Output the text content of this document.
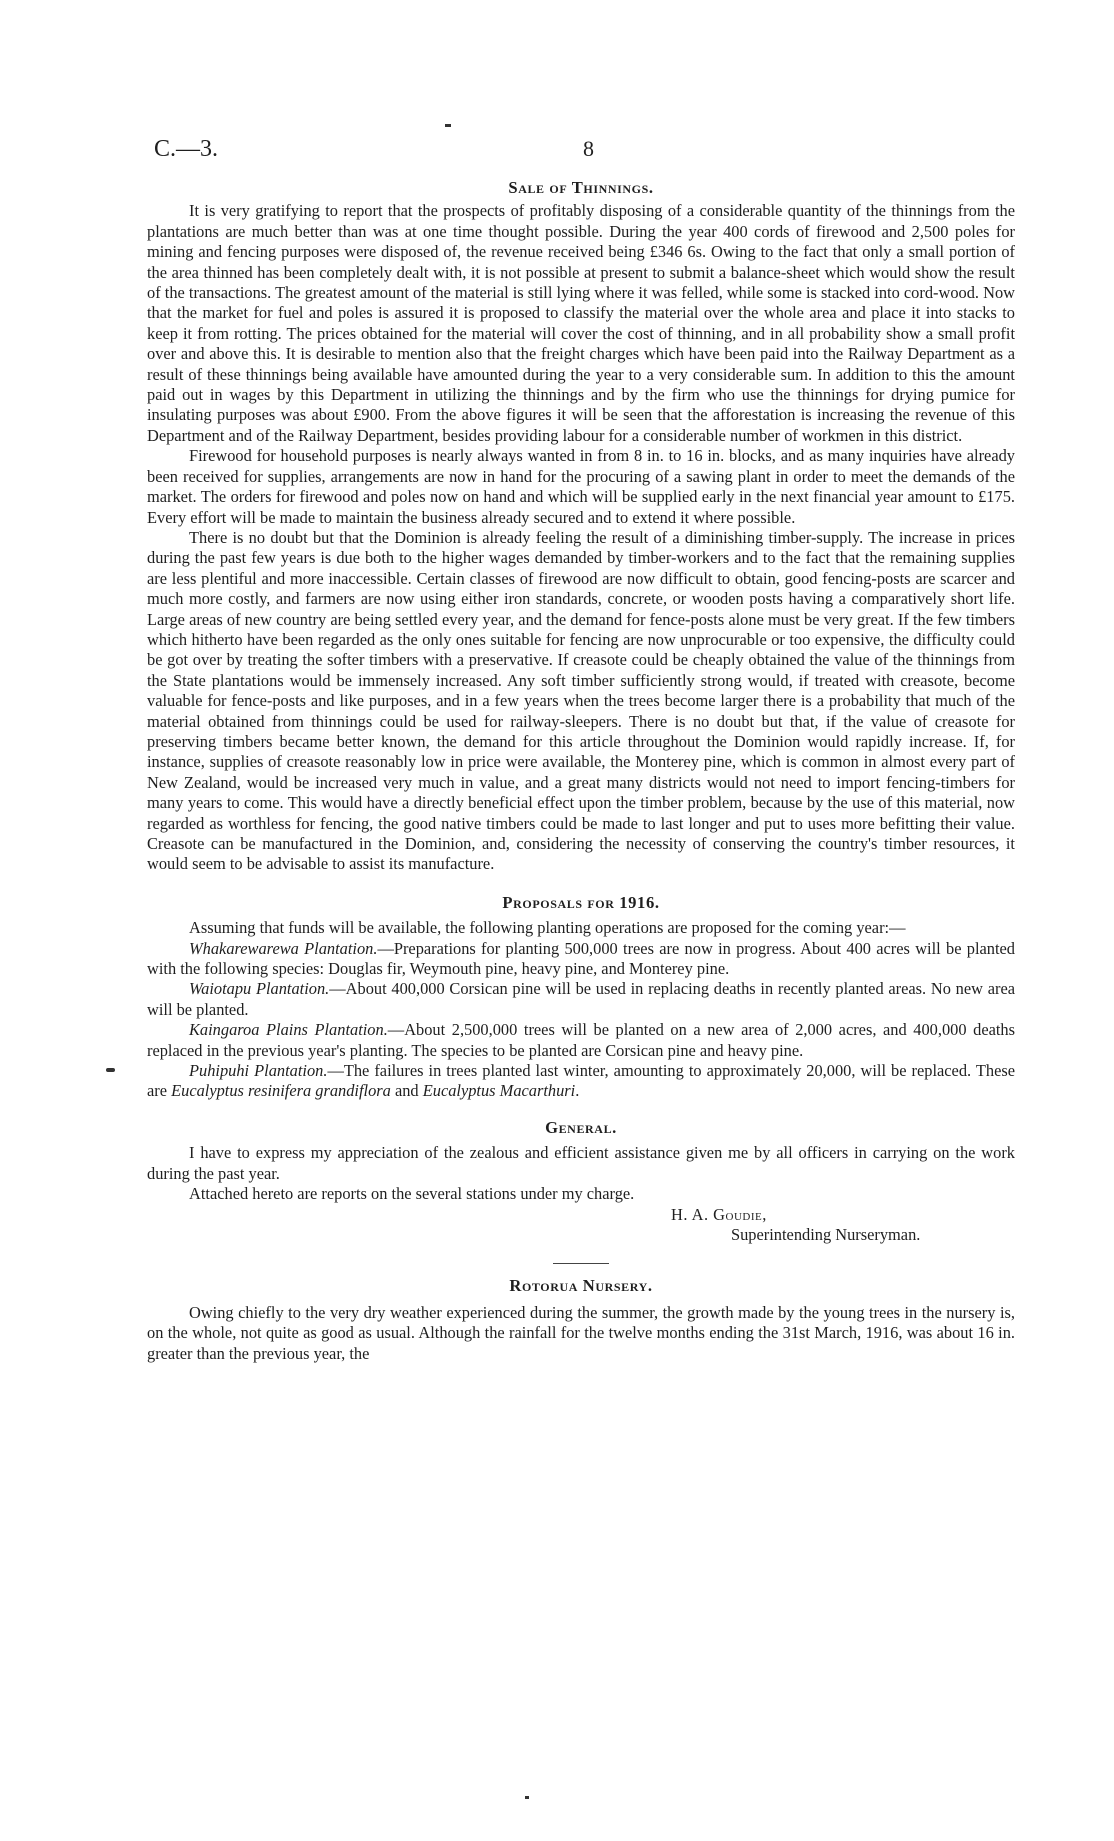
C.—3.	8
Sale of Thinnings.

It is very gratifying to report that the prospects of profitably disposing of a considerable quantity of the thinnings from the plantations are much better than was at one time thought possible. During the year 400 cords of firewood and 2,500 poles for mining and fencing purposes were disposed of, the revenue received being £346 6s. Owing to the fact that only a small portion of the area thinned has been completely dealt with, it is not possible at present to submit a balance-sheet which would show the result of the transactions. The greatest amount of the material is still lying where it was felled, while some is stacked into cord-wood. Now that the market for fuel and poles is assured it is proposed to classify the material over the whole area and place it into stacks to keep it from rotting. The prices obtained for the material will cover the cost of thinning, and in all probability show a small profit over and above this. It is desirable to mention also that the freight charges which have been paid into the Railway Department as a result of these thinnings being available have amounted during the year to a very considerable sum. In addition to this the amount paid out in wages by this Department in utilizing the thinnings and by the firm who use the thinnings for drying pumice for insulating purposes was about £900. From the above figures it will be seen that the afforestation is increasing the revenue of this Department and of the Railway Department, besides providing labour for a considerable number of workmen in this district.

Firewood for household purposes is nearly always wanted in from 8 in. to 16 in. blocks, and as many inquiries have already been received for supplies, arrangements are now in hand for the procuring of a sawing plant in order to meet the demands of the market. The orders for firewood and poles now on hand and which will be supplied early in the next financial year amount to £175. Every effort will be made to maintain the business already secured and to extend it where possible.

There is no doubt but that the Dominion is already feeling the result of a diminishing timber-supply. The increase in prices during the past few years is due both to the higher wages demanded by timber-workers and to the fact that the remaining supplies are less plentiful and more inaccessible. Certain classes of firewood are now difficult to obtain, good fencing-posts are scarcer and much more costly, and farmers are now using either iron standards, concrete, or wooden posts having a comparatively short life. Large areas of new country are being settled every year, and the demand for fence-posts alone must be very great. If the few timbers which hitherto have been regarded as the only ones suitable for fencing are now unprocurable or too expensive, the difficulty could be got over by treating the softer timbers with a preservative. If creasote could be cheaply obtained the value of the thinnings from the State plantations would be immensely increased. Any soft timber sufficiently strong would, if treated with creasote, become valuable for fence-posts and like purposes, and in a few years when the trees become larger there is a probability that much of the material obtained from thinnings could be used for railway-sleepers. There is no doubt but that, if the value of creasote for preserving timbers became better known, the demand for this article throughout the Dominion would rapidly increase. If, for instance, supplies of creasote reasonably low in price were available, the Monterey pine, which is common in almost every part of New Zealand, would be increased very much in value, and a great many districts would not need to import fencing-timbers for many years to come. This would have a directly beneficial effect upon the timber problem, because by the use of this material, now regarded as worthless for fencing, the good native timbers could be made to last longer and put to uses more befitting their value. Creasote can be manufactured in the Dominion, and, considering the necessity of conserving the country's timber resources, it would seem to be advisable to assist its manufacture.

Proposals for 1916.

Assuming that funds will be available, the following planting operations are proposed for the coming year:—

Whakarewarewa Plantation.—Preparations for planting 500,000 trees are now in progress. About 400 acres will be planted with the following species: Douglas fir, Weymouth pine, heavy pine, and Monterey pine.

Waiotapu Plantation.—About 400,000 Corsican pine will be used in replacing deaths in recently planted areas. No new area will be planted.

Kaingaroa Plains Plantation.—About 2,500,000 trees will be planted on a new area of 2,000 acres, and 400,000 deaths replaced in the previous year's planting. The species to be planted are Corsican pine and heavy pine.

Puhipuhi Plantation.—The failures in trees planted last winter, amounting to approximately 20,000, will be replaced. These are Eucalyptus resinifera grandiflora and Eucalyptus Macarthuri.

General.

I have to express my appreciation of the zealous and efficient assistance given me by all officers in carrying on the work during the past year.

Attached hereto are reports on the several stations under my charge.

H. A. Goudie,

Superintending Nurseryman.

Rotorua Nursery.

Owing chiefly to the very dry weather experienced during the summer, the growth made by the young trees in the nursery is, on the whole, not quite as good as usual. Although the rainfall for the twelve months ending the 31st March, 1916, was about 16 in. greater than the previous year, the
